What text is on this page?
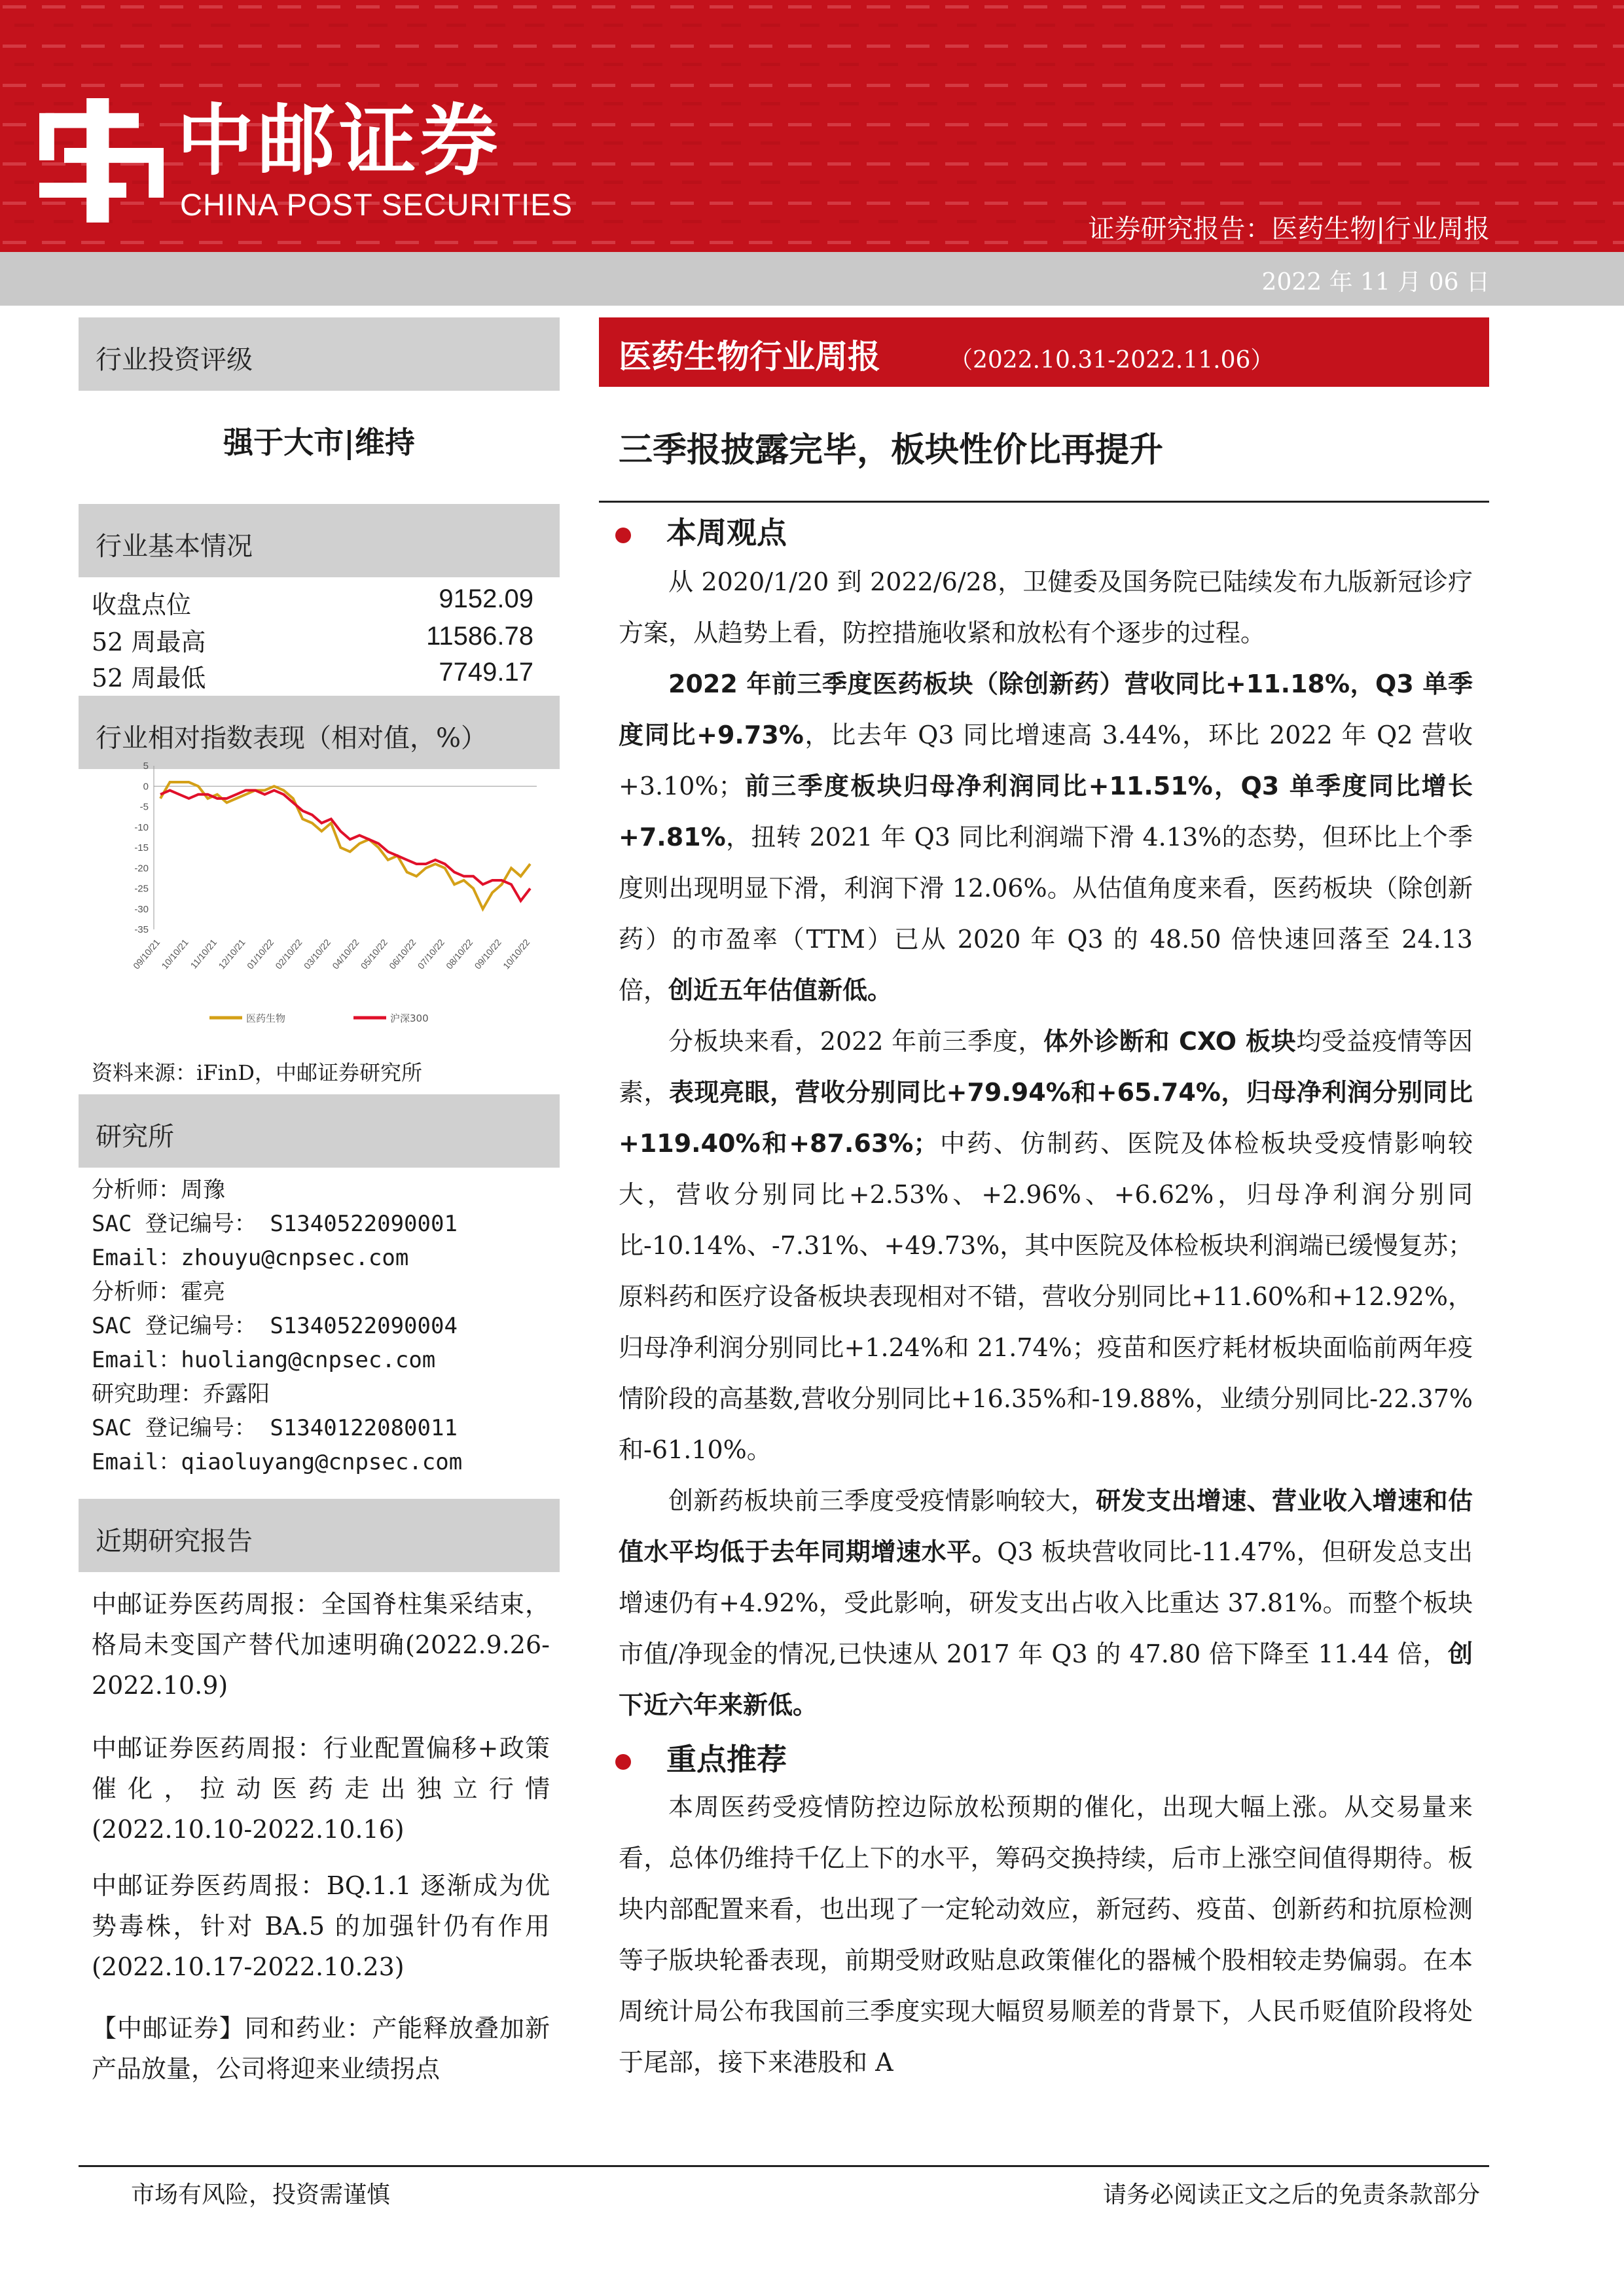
中邮证券
CHINA POST SECURITIES
证券研究报告：医药生物|行业周报
2022 年 11 月 06 日
行业投资评级
强于大市|维持
行业基本情况
收盘点位	9152.09
52 周最高	11586.78
52 周最低	7749.17
行业相对指数表现（相对值，%）
5
0
-5
-10
-15
-20
-25
-30
-35
09/10/21
10/10/21
11/10/21
12/10/21
01/10/22
02/10/22
03/10/22
04/10/22
05/10/22
06/10/22
07/10/22
08/10/22
09/10/22
10/10/22
医药生物	沪深300
资料来源：iFinD，中邮证券研究所
研究所
分析师：周豫
SAC 登记编号： S1340522090001
Email：zhouyu@cnpsec.com
分析师：霍亮
SAC 登记编号： S1340522090004
Email：huoliang@cnpsec.com
研究助理：乔露阳
SAC 登记编号： S1340122080011
Email：qiaoluyang@cnpsec.com
近期研究报告
中邮证券医药周报：全国脊柱集采结束，格局未变国产替代加速明确(2022.9.26-2022.10.9)
中邮证券医药周报：行业配置偏移+政策催化，拉动医药走出独立行情(2022.10.10-2022.10.16)
中邮证券医药周报：BQ.1.1 逐渐成为优势毒株，针对 BA.5 的加强针仍有作用(2022.10.17-2022.10.23)
【中邮证券】同和药业：产能释放叠加新产品放量，公司将迎来业绩拐点
医药生物行业周报	（2022.10.31-2022.11.06）
三季报披露完毕，板块性价比再提升
本周观点
从 2020/1/20 到 2022/6/28，卫健委及国务院已陆续发布九版新冠诊疗方案，从趋势上看，防控措施收紧和放松有个逐步的过程。
2022 年前三季度医药板块（除创新药）营收同比+11.18%，Q3 单季度同比+9.73%，比去年 Q3 同比增速高 3.44%，环比 2022 年 Q2 营收+3.10%；前三季度板块归母净利润同比+11.51%，Q3 单季度同比增长+7.81%，扭转 2021 年 Q3 同比利润端下滑 4.13%的态势，但环比上个季度则出现明显下滑，利润下滑 12.06%。从估值角度来看，医药板块（除创新药）的市盈率（TTM）已从 2020 年 Q3 的 48.50 倍快速回落至 24.13 倍，创近五年估值新低。
分板块来看，2022 年前三季度，体外诊断和 CXO 板块均受益疫情等因素，表现亮眼，营收分别同比+79.94%和+65.74%，归母净利润分别同比+119.40%和+87.63%；中药、仿制药、医院及体检板块受疫情影响较大，营收分别同比+2.53%、+2.96%、+6.62%，归母净利润分别同比-10.14%、-7.31%、+49.73%，其中医院及体检板块利润端已缓慢复苏；原料药和医疗设备板块表现相对不错，营收分别同比+11.60%和+12.92%，归母净利润分别同比+1.24%和 21.74%；疫苗和医疗耗材板块面临前两年疫情阶段的高基数,营收分别同比+16.35%和-19.88%，业绩分别同比-22.37%和-61.10%。
创新药板块前三季度受疫情影响较大，研发支出增速、营业收入增速和估值水平均低于去年同期增速水平。Q3 板块营收同比-11.47%，但研发总支出增速仍有+4.92%，受此影响，研发支出占收入比重达 37.81%。而整个板块市值/净现金的情况,已快速从 2017 年 Q3 的 47.80 倍下降至 11.44 倍，创下近六年来新低。
重点推荐
本周医药受疫情防控边际放松预期的催化，出现大幅上涨。从交易量来看，总体仍维持千亿上下的水平，筹码交换持续，后市上涨空间值得期待。板块内部配置来看，也出现了一定轮动效应，新冠药、疫苗、创新药和抗原检测等子版块轮番表现，前期受财政贴息政策催化的器械个股相较走势偏弱。在本周统计局公布我国前三季度实现大幅贸易顺差的背景下，人民币贬值阶段将处于尾部，接下来港股和 A
市场有风险，投资需谨慎	请务必阅读正文之后的免责条款部分
